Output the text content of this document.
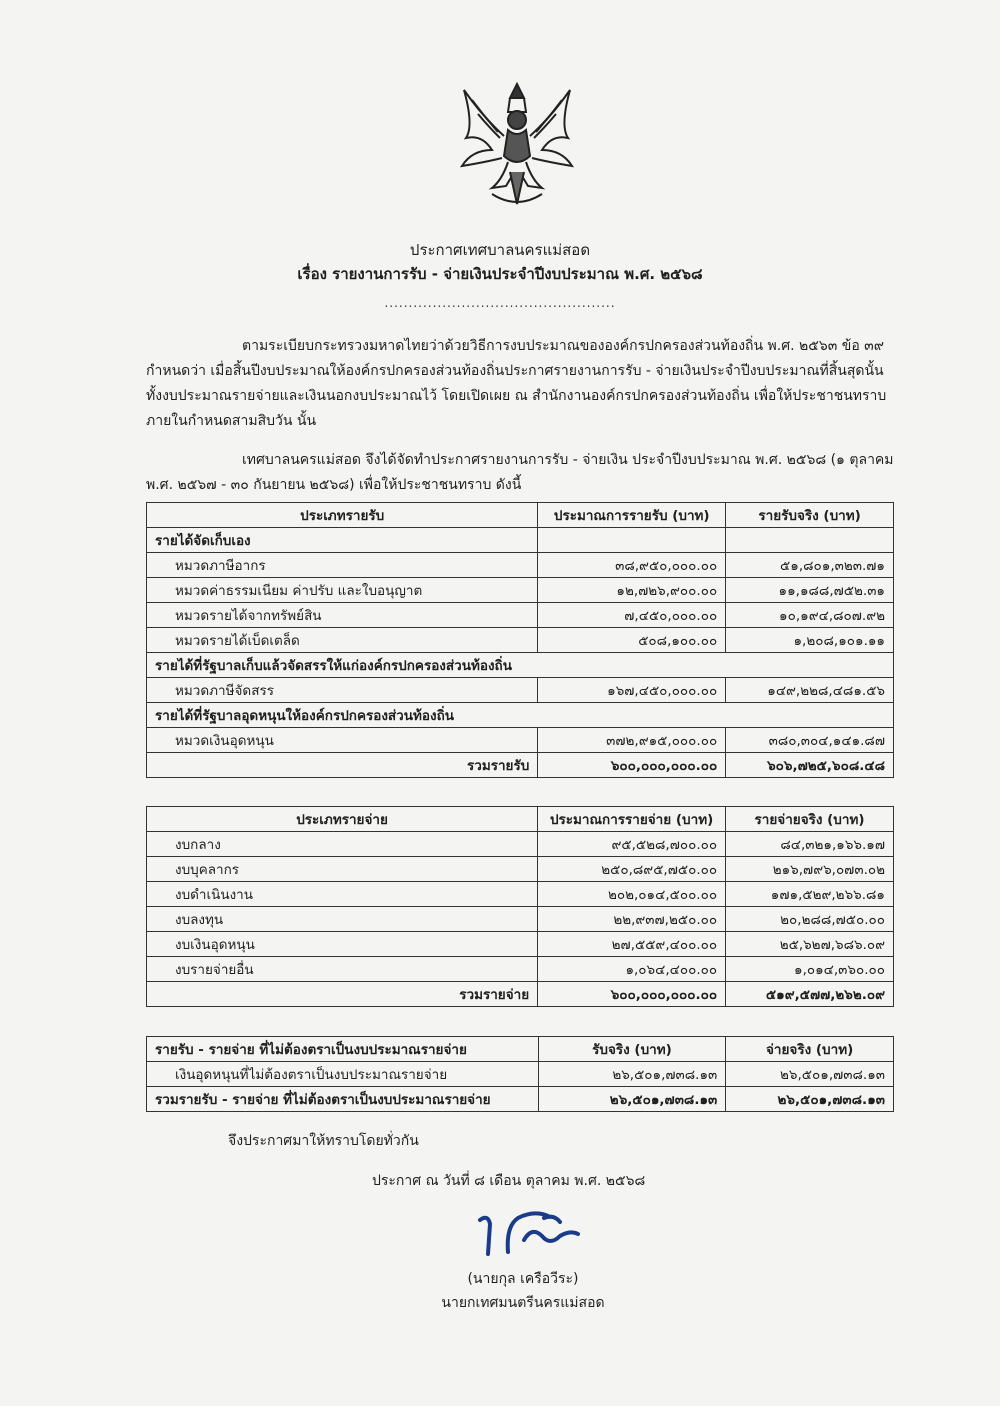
ประกาศเทศบาลนครแม่สอด
เรื่อง รายงานการรับ - จ่ายเงินประจำปีงบประมาณ พ.ศ. ๒๕๖๘
................................................
ตามระเบียบกระทรวงมหาดไทยว่าด้วยวิธีการงบประมาณขององค์กรปกครองส่วนท้องถิ่น พ.ศ. ๒๕๖๓ ข้อ ๓๙ กำหนดว่า เมื่อสิ้นปีงบประมาณให้องค์กรปกครองส่วนท้องถิ่นประกาศรายงานการรับ - จ่ายเงินประจำปีงบประมาณที่สิ้นสุดนั้น ทั้งงบประมาณรายจ่ายและเงินนอกงบประมาณไว้ โดยเปิดเผย ณ สำนักงานองค์กรปกครองส่วนท้องถิ่น เพื่อให้ประชาชนทราบภายในกำหนดสามสิบวัน นั้น
เทศบาลนครแม่สอด จึงได้จัดทำประกาศรายงานการรับ - จ่ายเงิน ประจำปีงบประมาณ พ.ศ. ๒๕๖๘ (๑ ตุลาคม พ.ศ. ๒๕๖๗ - ๓๐ กันยายน ๒๕๖๘) เพื่อให้ประชาชนทราบ ดังนี้
ประเภทรายรับ	ประมาณการรายรับ (บาท)	รายรับจริง (บาท)
รายได้จัดเก็บเอง		
หมวดภาษีอากร	๓๘,๙๕๐,๐๐๐.๐๐	๕๑,๘๐๑,๓๒๓.๗๑
หมวดค่าธรรมเนียม ค่าปรับ และใบอนุญาต	๑๒,๗๒๖,๙๐๐.๐๐	๑๑,๑๘๘,๗๕๒.๓๑
หมวดรายได้จากทรัพย์สิน	๗,๔๕๐,๐๐๐.๐๐	๑๐,๑๙๔,๘๐๗.๙๒
หมวดรายได้เบ็ดเตล็ด	๕๐๘,๑๐๐.๐๐	๑,๒๐๘,๑๐๑.๑๑
รายได้ที่รัฐบาลเก็บแล้วจัดสรรให้แก่องค์กรปกครองส่วนท้องถิ่น		
หมวดภาษีจัดสรร	๑๖๗,๔๕๐,๐๐๐.๐๐	๑๔๙,๒๒๘,๔๘๑.๕๖
รายได้ที่รัฐบาลอุดหนุนให้องค์กรปกครองส่วนท้องถิ่น		
หมวดเงินอุดหนุน	๓๗๒,๙๑๕,๐๐๐.๐๐	๓๘๐,๓๐๔,๑๔๑.๘๗
รวมรายรับ	๖๐๐,๐๐๐,๐๐๐.๐๐	๖๐๖,๗๒๕,๖๐๘.๔๘
ประเภทรายจ่าย	ประมาณการรายจ่าย (บาท)	รายจ่ายจริง (บาท)
งบกลาง	๙๕,๕๒๘,๗๐๐.๐๐	๘๔,๓๒๑,๑๖๖.๑๗
งบบุคลากร	๒๕๐,๘๙๕,๗๕๐.๐๐	๒๑๖,๗๙๖,๐๗๓.๐๒
งบดำเนินงาน	๒๐๒,๐๑๔,๕๐๐.๐๐	๑๗๑,๕๒๙,๒๖๖.๘๑
งบลงทุน	๒๒,๙๓๗,๒๕๐.๐๐	๒๐,๒๘๘,๗๕๐.๐๐
งบเงินอุดหนุน	๒๗,๕๕๙,๔๐๐.๐๐	๒๕,๖๒๗,๖๘๖.๐๙
งบรายจ่ายอื่น	๑,๐๖๔,๔๐๐.๐๐	๑,๐๑๔,๓๖๐.๐๐
รวมรายจ่าย	๖๐๐,๐๐๐,๐๐๐.๐๐	๕๑๙,๕๗๗,๒๖๒.๐๙
รายรับ - รายจ่าย ที่ไม่ต้องตราเป็นงบประมาณรายจ่าย	รับจริง (บาท)	จ่ายจริง (บาท)
เงินอุดหนุนที่ไม่ต้องตราเป็นงบประมาณรายจ่าย	๒๖,๕๐๑,๗๓๘.๑๓	๒๖,๕๐๑,๗๓๘.๑๓
รวมรายรับ - รายจ่าย ที่ไม่ต้องตราเป็นงบประมาณรายจ่าย	๒๖,๕๐๑,๗๓๘.๑๓	๒๖,๕๐๑,๗๓๘.๑๓
จึงประกาศมาให้ทราบโดยทั่วกัน
ประกาศ ณ วันที่ ๘ เดือน ตุลาคม พ.ศ. ๒๕๖๘
(นายกุล เครือวีระ)
นายกเทศมนตรีนครแม่สอด
